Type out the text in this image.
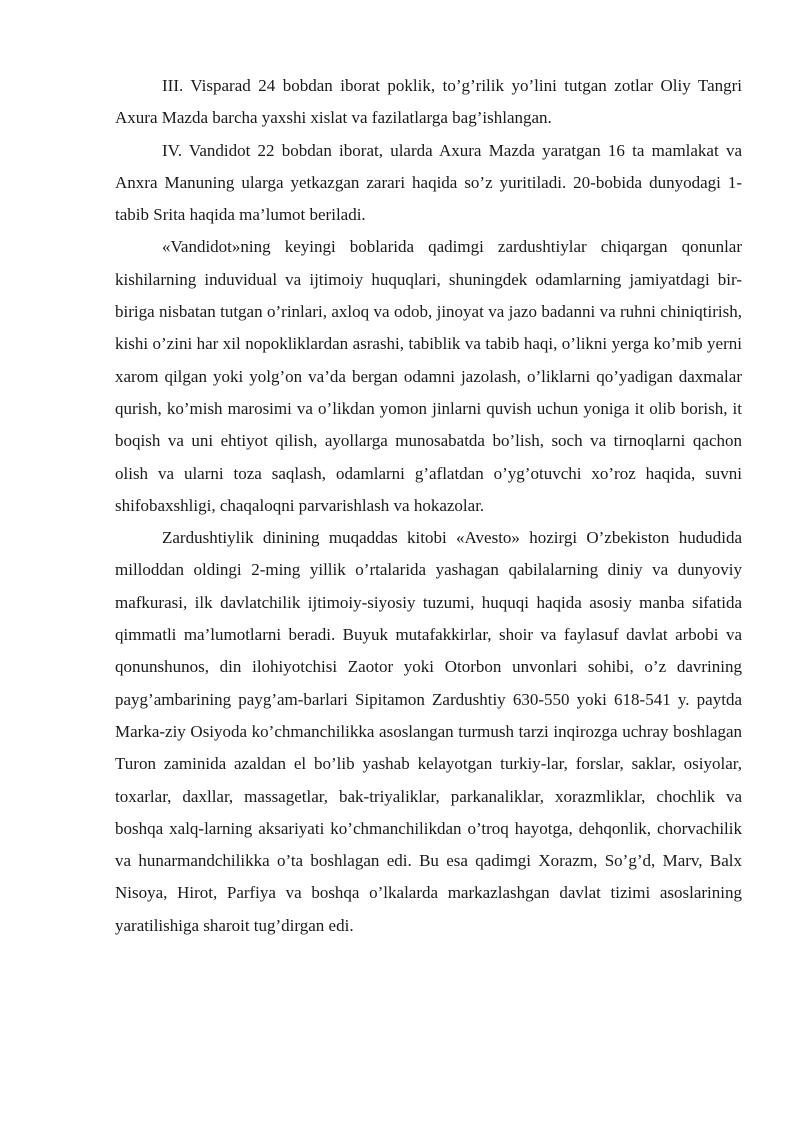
III. Visparad 24 bobdan iborat poklik, to’g’rilik yo’lini tutgan zotlar Oliy Tangri Axura Mazda barcha yaxshi xislat va fazilatlarga bag’ishlangan.

IV. Vandidot 22 bobdan iborat, ularda Axura Mazda yaratgan 16 ta mamlakat va Anxra Manuning ularga yetkazgan zarari haqida so’z yuritiladi. 20-bobida dunyodagi 1-tabib Srita haqida ma’lumot beriladi.

«Vandidot»ning keyingi boblarida qadimgi zardushtiylar chiqargan qonunlar kishilarning induvidual va ijtimoiy huquqlari, shuningdek odamlarning jamiyatdagi bir-biriga nisbatan tutgan o’rinlari, axloq va odob, jinoyat va jazo badanni va ruhni chiniqtirish, kishi o’zini har xil nopokliklardan asrashi, tabiblik va tabib haqi, o’likni yerga ko’mib yerni xarom qilgan yoki yolg’on va’da bergan odamni jazolash, o’liklarni qo’yadigan daxmalar qurish, ko’mish marosimi va o’likdan yomon jinlarni quvish uchun yoniga it olib borish, it boqish va uni ehtiyot qilish, ayollarga munosabatda bo’lish, soch va tirnoqlarni qachon olish va ularni toza saqlash, odamlarni g’aflatdan o’yg’otuvchi xo’roz haqida, suvni shifobaxshligi, chaqaloqni parvarishlash va hokazolar.

Zardushtiylik dinining muqaddas kitobi «Avesto» hozirgi O’zbekiston hududida milloddan oldingi 2-ming yillik o’rtalarida yashagan qabilalarning diniy va dunyoviy mafkurasi, ilk davlatchilik ijtimoiy-siyosiy tuzumi, huquqi haqida asosiy manba sifatida qimmatli ma’lumotlarni beradi. Buyuk mutafakkirlar, shoir va faylasuf davlat arbobi va qonunshunos, din ilohiyotchisi Zaotor yoki Otorbon unvonlari sohibi, o’z davrining payg’ambarining payg’am-barlari Sipitamon Zardushtiy 630-550 yoki 618-541 y. paytda Marka-ziy Osiyoda ko’chmanchilikka asoslangan turmush tarzi inqirozga uchray boshlagan Turon zaminida azaldan el bo’lib yashab kelayotgan turkiy-lar, forslar, saklar, osiyolar, toxarlar, daxllar, massagetlar, bak-triyaliklar, parkanaliklar, xorazmliklar, chochlik va boshqa xalq-larning aksariyati ko’chmanchilikdan o’troq hayotga, dehqonlik, chorvachilik va hunarmandchilikka o’ta boshlagan edi. Bu esa qadimgi Xorazm, So’g’d, Marv, Balx Nisoya, Hirot, Parfiya va boshqa o’lkalarda markazlashgan davlat tizimi asoslarining yaratilishiga sharoit tug’dirgan edi.
